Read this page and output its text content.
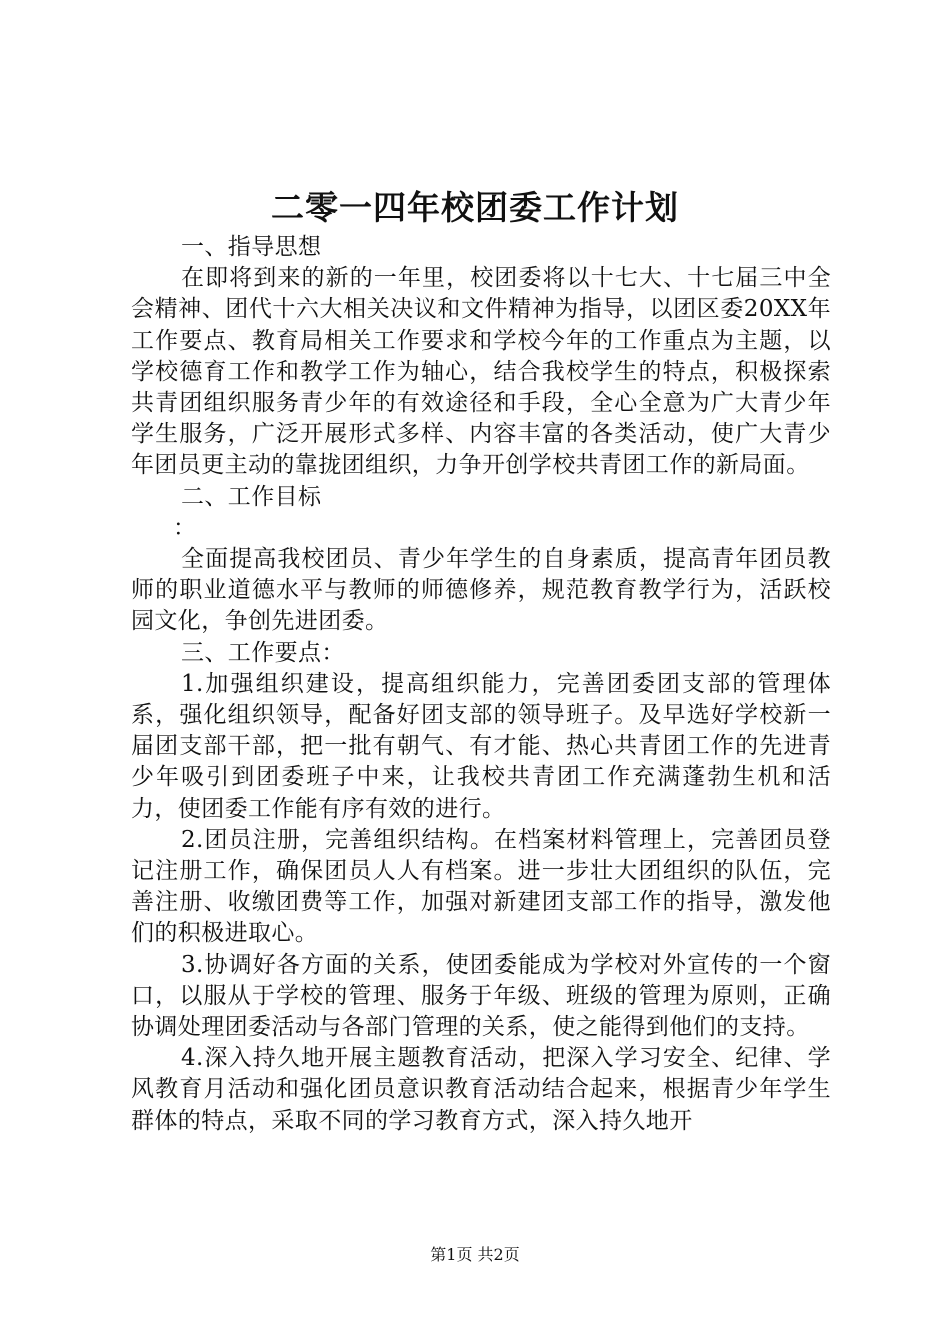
二零一四年校团委工作计划

一、指导思想

在即将到来的新的一年里，校团委将以十七大、十七届三中全会精神、团代十六大相关决议和文件精神为指导，以团区委20XX年工作要点、教育局相关工作要求和学校今年的工作重点为主题，以学校德育工作和教学工作为轴心，结合我校学生的特点，积极探索共青团组织服务青少年的有效途径和手段，全心全意为广大青少年学生服务，广泛开展形式多样、内容丰富的各类活动，使广大青少年团员更主动的靠拢团组织，力争开创学校共青团工作的新局面。

二、工作目标

：

全面提高我校团员、青少年学生的自身素质，提高青年团员教师的职业道德水平与教师的师德修养，规范教育教学行为，活跃校园文化，争创先进团委。

三、工作要点：

1.加强组织建设，提高组织能力，完善团委团支部的管理体系，强化组织领导，配备好团支部的领导班子。及早选好学校新一届团支部干部，把一批有朝气、有才能、热心共青团工作的先进青少年吸引到团委班子中来，让我校共青团工作充满蓬勃生机和活力，使团委工作能有序有效的进行。

2.团员注册，完善组织结构。在档案材料管理上，完善团员登记注册工作，确保团员人人有档案。进一步壮大团组织的队伍，完善注册、收缴团费等工作，加强对新建团支部工作的指导，激发他们的积极进取心。

3.协调好各方面的关系，使团委能成为学校对外宣传的一个窗口，以服从于学校的管理、服务于年级、班级的管理为原则，正确协调处理团委活动与各部门管理的关系，使之能得到他们的支持。

4.深入持久地开展主题教育活动，把深入学习安全、纪律、学风教育月活动和强化团员意识教育活动结合起来，根据青少年学生群体的特点，采取不同的学习教育方式，深入持久地开

第1页 共2页
